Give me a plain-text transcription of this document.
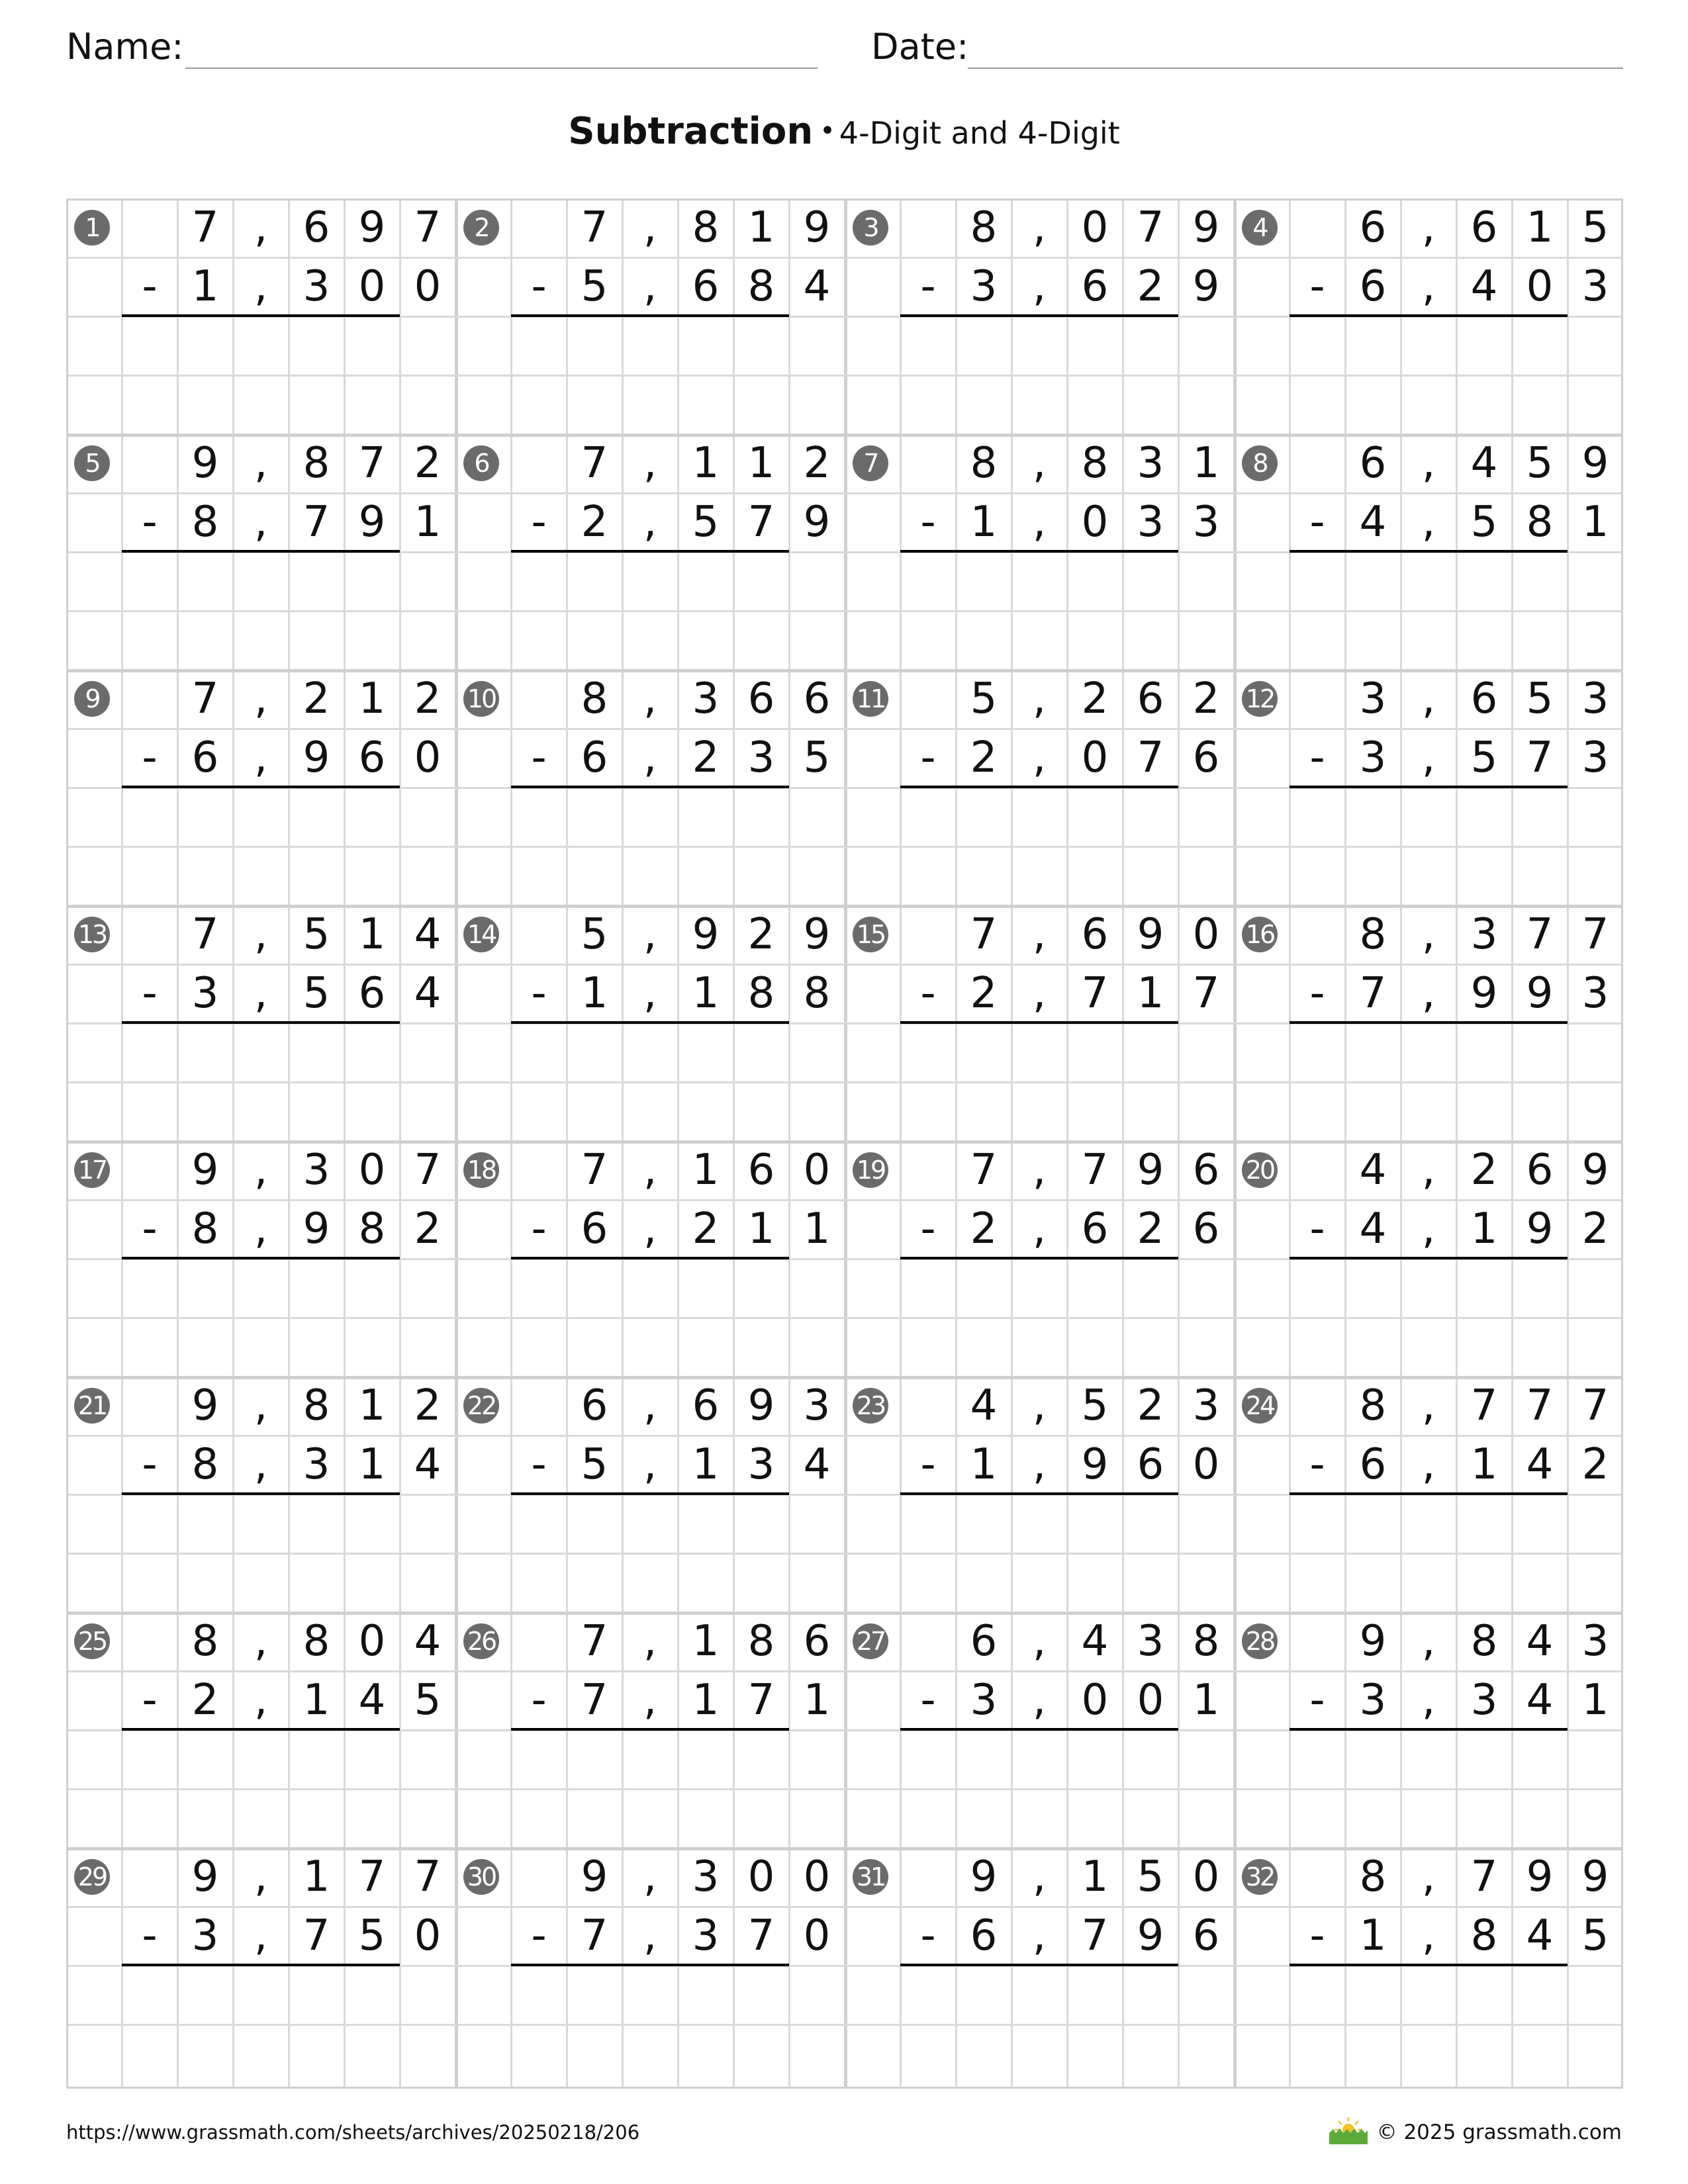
Name:	Date:
Subtraction • 4-Digit and 4-Digit
1	7 , 6 9 7
- 1 , 3 0 0
2	7 , 8 1 9
- 5 , 6 8 4
3	8 , 0 7 9
- 3 , 6 2 9
4	6 , 6 1 5
- 6 , 4 0 3
5	9 , 8 7 2
- 8 , 7 9 1
6	7 , 1 1 2
- 2 , 5 7 9
7	8 , 8 3 1
- 1 , 0 3 3
8	6 , 4 5 9
- 4 , 5 8 1
9	7 , 2 1 2
- 6 , 9 6 0
10	8 , 3 6 6
- 6 , 2 3 5
11	5 , 2 6 2
- 2 , 0 7 6
12	3 , 6 5 3
- 3 , 5 7 3
13	7 , 5 1 4
- 3 , 5 6 4
14	5 , 9 2 9
- 1 , 1 8 8
15	7 , 6 9 0
- 2 , 7 1 7
16	8 , 3 7 7
- 7 , 9 9 3
17	9 , 3 0 7
- 8 , 9 8 2
18	7 , 1 6 0
- 6 , 2 1 1
19	7 , 7 9 6
- 2 , 6 2 6
20	4 , 2 6 9
- 4 , 1 9 2
21	9 , 8 1 2
- 8 , 3 1 4
22	6 , 6 9 3
- 5 , 1 3 4
23	4 , 5 2 3
- 1 , 9 6 0
24	8 , 7 7 7
- 6 , 1 4 2
25	8 , 8 0 4
- 2 , 1 4 5
26	7 , 1 8 6
- 7 , 1 7 1
27	6 , 4 3 8
- 3 , 0 0 1
28	9 , 8 4 3
- 3 , 3 4 1
29	9 , 1 7 7
- 3 , 7 5 0
30	9 , 3 0 0
- 7 , 3 7 0
31	9 , 1 5 0
- 6 , 7 9 6
32	8 , 7 9 9
- 1 , 8 4 5
https://www.grassmath.com/sheets/archives/20250218/206	© 2025 grassmath.com
